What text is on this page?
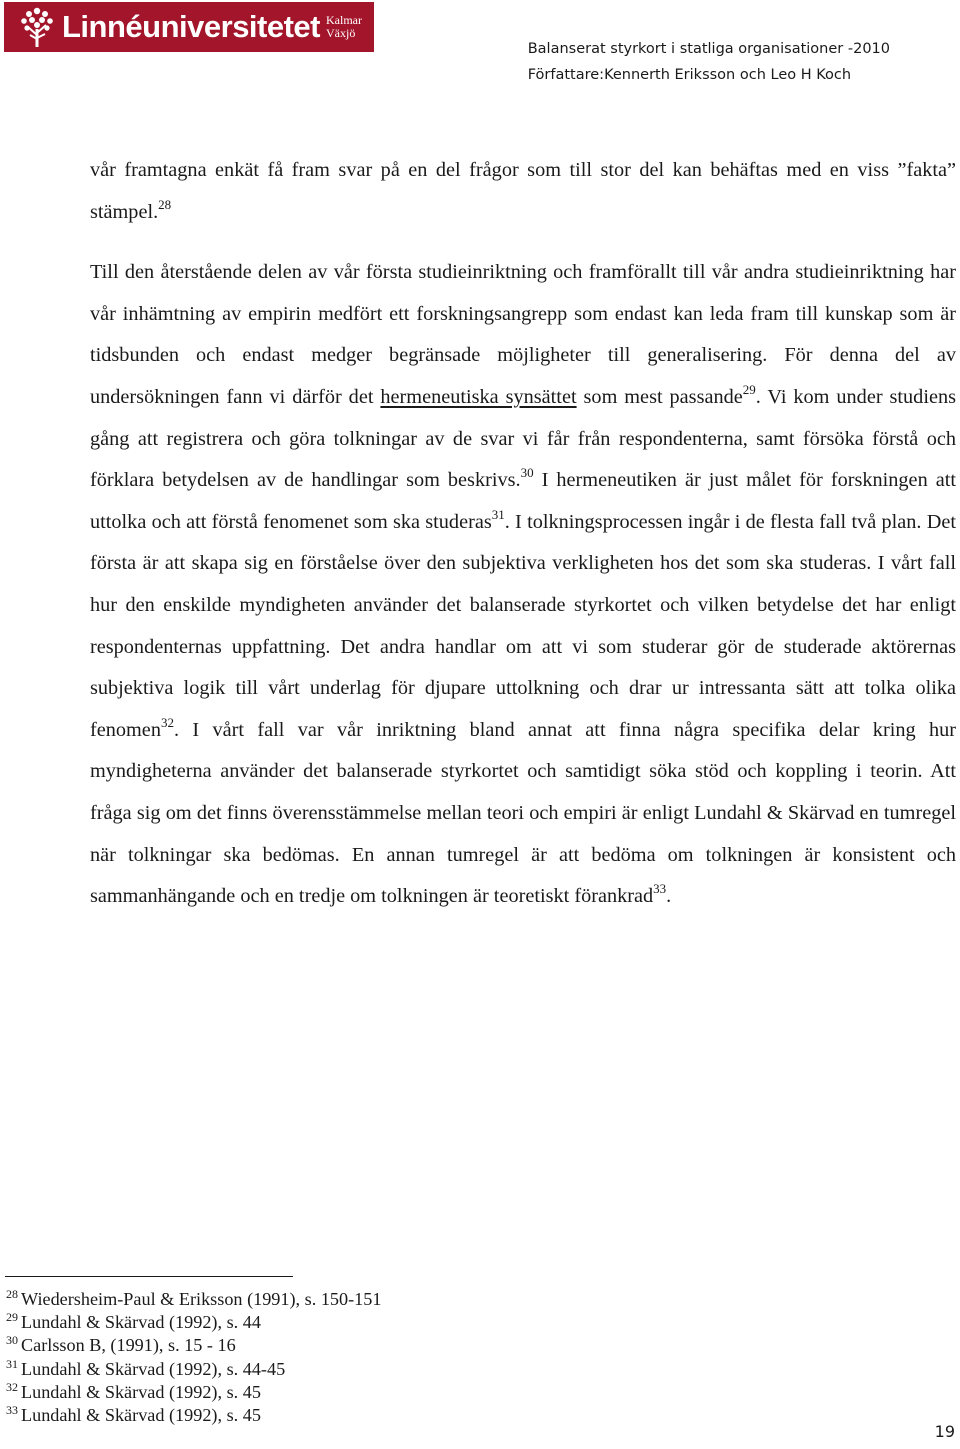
Linnéuniversitetet Kalmar
Växjö
Balanserat styrkort i statliga organisationer -2010
Författare:Kennerth Eriksson och Leo H Koch

vår framtagna enkät få fram svar på en del frågor som till stor del kan behäftas med en viss ”fakta” stämpel.$^{28}$

Till den återstående delen av vår första studieinriktning och framförallt till vår andra studieinriktning har vår inhämtning av empirin medfört ett forskningsangrepp som endast kan leda fram till kunskap som är tidsbunden och endast medger begränsade möjligheter till generalisering. För denna del av undersökningen fann vi därför det hermeneutiska synsättet som mest passande$^{29}$. Vi kom under studiens gång att registrera och göra tolkningar av de svar vi får från respondenterna, samt försöka förstå och förklara betydelsen av de handlingar som beskrivs.$^{30}$ I hermeneutiken är just målet för forskningen att uttolka och att förstå fenomenet som ska studeras$^{31}$. I tolkningsprocessen ingår i de flesta fall två plan. Det första är att skapa sig en förståelse över den subjektiva verkligheten hos det som ska studeras. I vårt fall hur den enskilde myndigheten använder det balanserade styrkortet och vilken betydelse det har enligt respondenternas uppfattning. Det andra handlar om att vi som studerar gör de studerade aktörernas subjektiva logik till vårt underlag för djupare uttolkning och drar ur intressanta sätt att tolka olika fenomen$^{32}$. I vårt fall var vår inriktning bland annat att finna några specifika delar kring hur myndigheterna använder det balanserade styrkortet och samtidigt söka stöd och koppling i teorin. Att fråga sig om det finns överensstämmelse mellan teori och empiri är enligt Lundahl & Skärvad en tumregel när tolkningar ska bedömas. En annan tumregel är att bedöma om tolkningen är konsistent och sammanhängande och en tredje om tolkningen är teoretiskt förankrad$^{33}$.

$^{28}$ Wiedersheim-Paul & Eriksson (1991), s. 150-151
$^{29}$ Lundahl & Skärvad (1992), s. 44
$^{30}$ Carlsson B, (1991), s. 15 - 16
$^{31}$ Lundahl & Skärvad (1992), s. 44-45
$^{32}$ Lundahl & Skärvad (1992), s. 45
$^{33}$ Lundahl & Skärvad (1992), s. 45
19
